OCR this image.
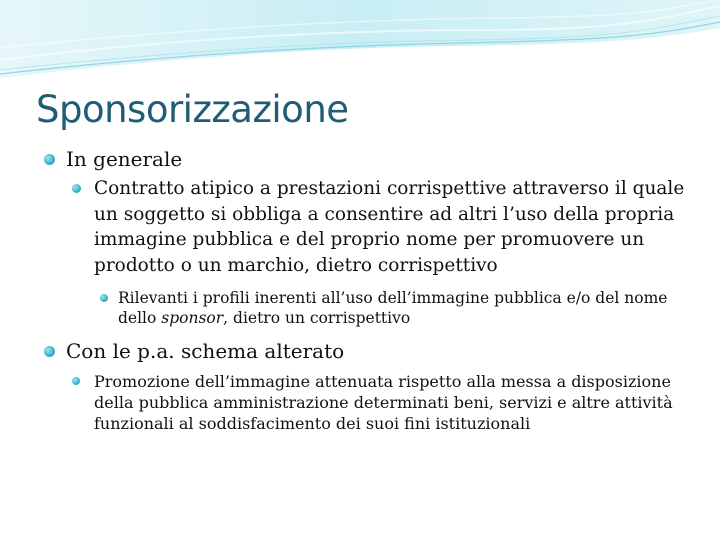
Sponsorizzazione
In generale
Contratto atipico a prestazioni corrispettive attraverso il quale un soggetto si obbliga a consentire ad altri l’uso della propria immagine pubblica e del proprio nome per promuovere un prodotto o un marchio, dietro corrispettivo
Rilevanti i profili inerenti all’uso dell’immagine pubblica e/o del nome dello sponsor, dietro un corrispettivo
Con le p.a. schema alterato
Promozione dell’immagine attenuata rispetto alla messa a disposizione della pubblica amministrazione determinati beni, servizi e altre attività funzionali al soddisfacimento dei suoi fini istituzionali
